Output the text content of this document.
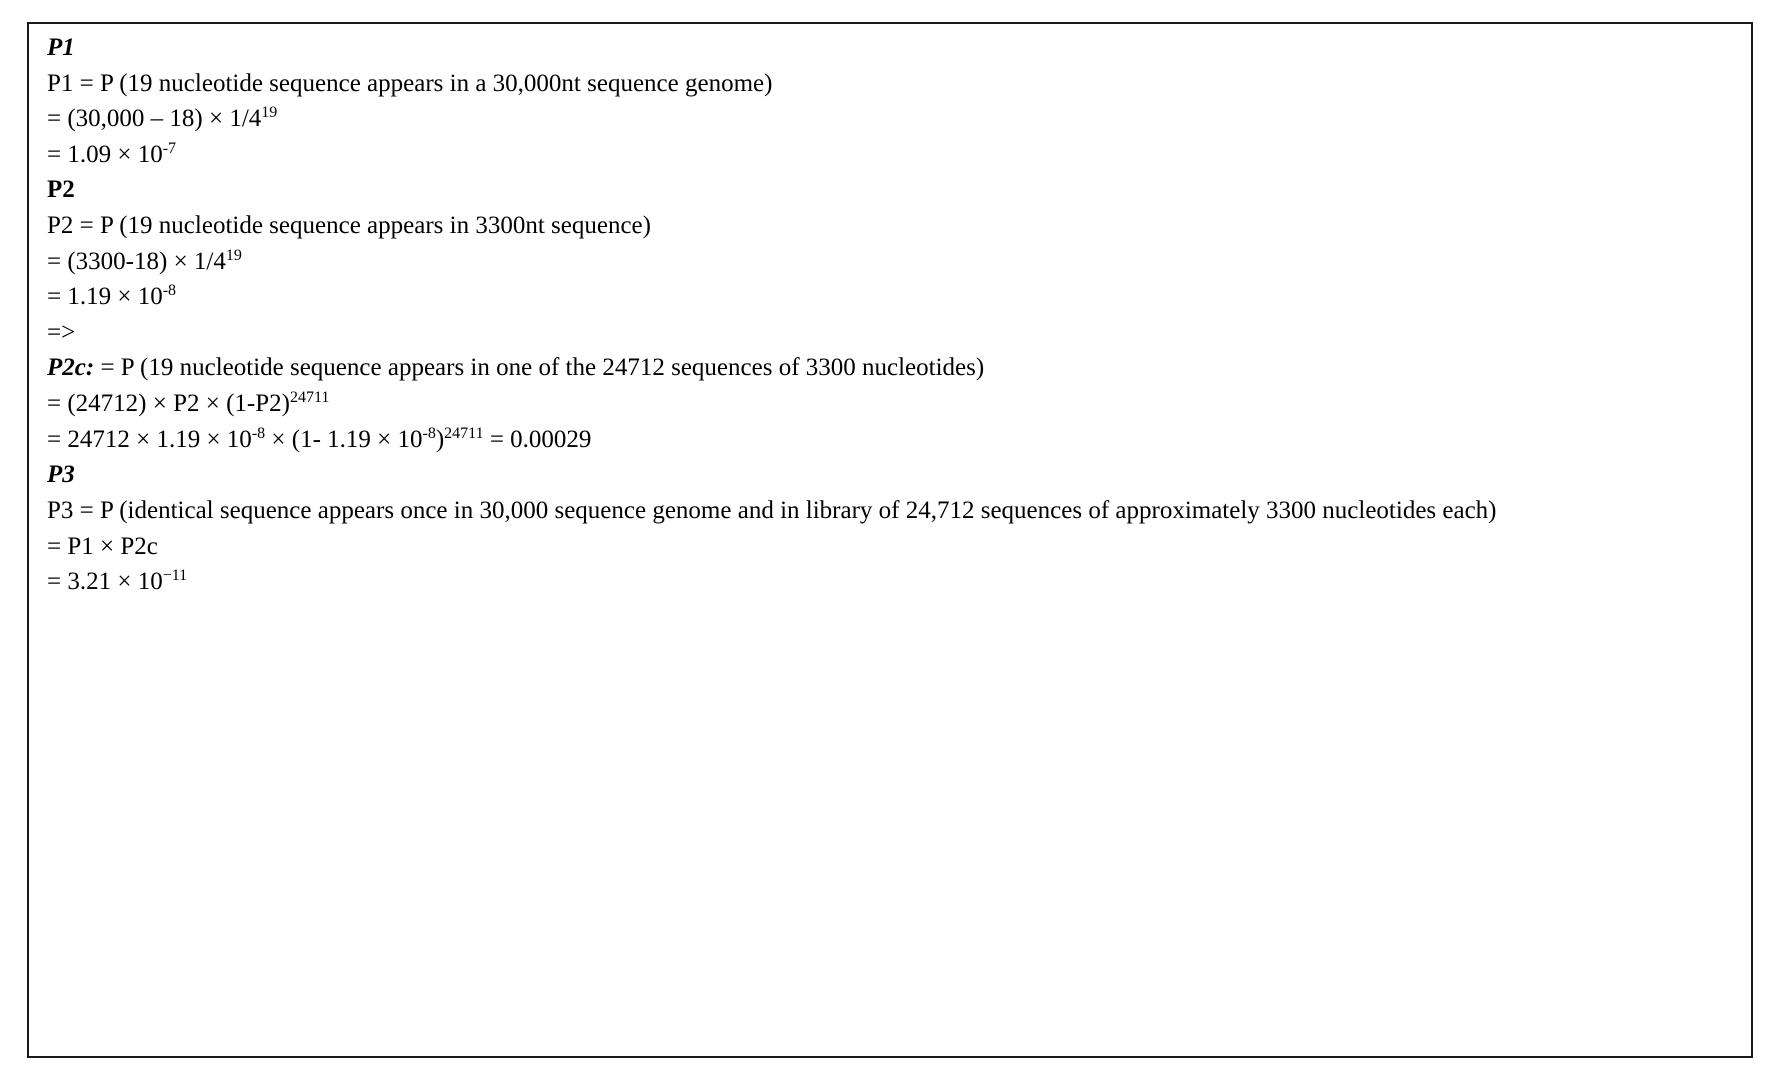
P1
P1 = P (19 nucleotide sequence appears in a 30,000nt sequence genome)
= $(30,000 - 18) \times 1/4^{19}$
= $1.09 \times 10^{-7}$
P2
P2 = P (19 nucleotide sequence appears in 3300nt sequence)
= $(3300-18) \times 1/4^{19}$
= $1.19 \times 10^{-8}$
=>
P2c: = P (19 nucleotide sequence appears in one of the 24712 sequences of 3300 nucleotides)
= $(24712) \times P2 \times (1-P2)^{24711}$
= $24712 \times 1.19 \times 10^{-8} \times (1-$ $1.19 \times 10^{-8})^{24711} = 0.00029$
P3
P3 = P (identical sequence appears once in 30,000 sequence genome and in library of 24,712 sequences of approximately 3300 nucleotides each)
= P1 × P2c
= $3.21 \times 10^{-11}$
